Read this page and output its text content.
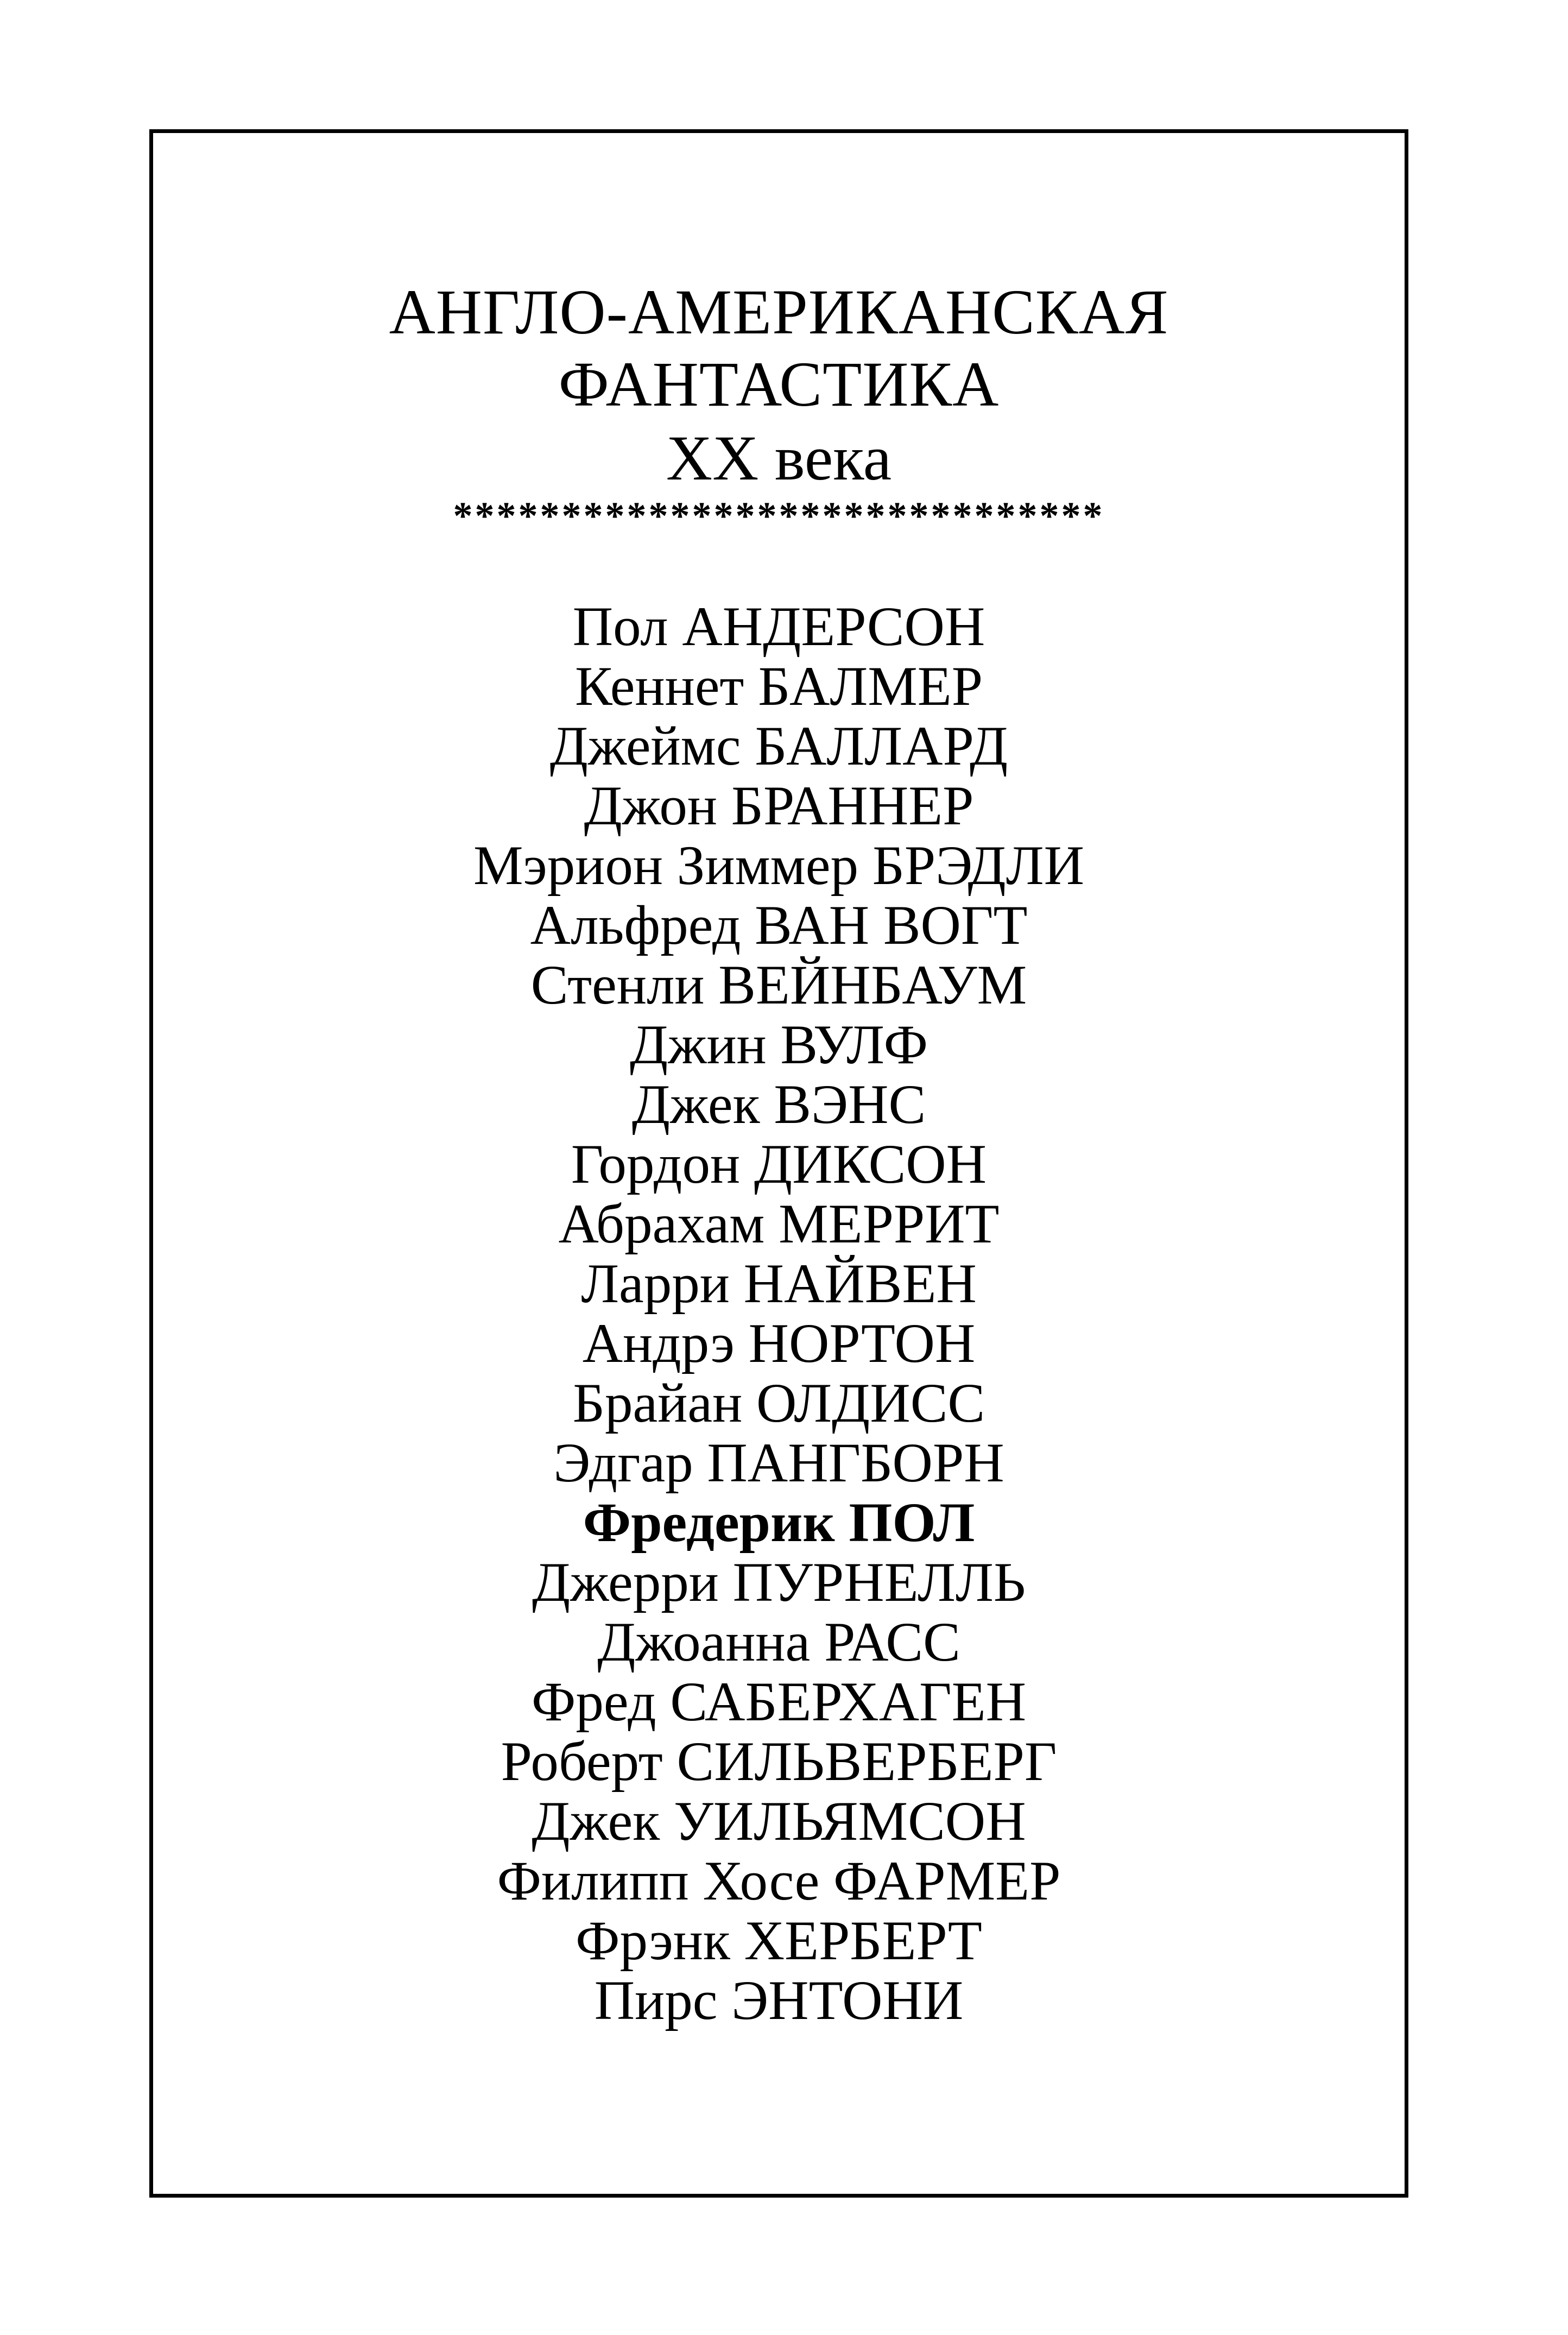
АНГЛО-АМЕРИКАНСКАЯ
ФАНТАСТИКА

XX века

******************************

Пол АНДЕРСОН
Кеннет БАЛМЕР
Джеймс БАЛЛАРД
Джон БРАННЕР
Мэрион Зиммер БРЭДЛИ
Альфред ВАН ВОГТ
Стенли ВЕЙНБАУМ
Джин ВУЛФ
Джек ВЭНС
Гордон ДИКСОН
Абрахам МЕРРИТ
Ларри НАЙВЕН
Андрэ НОРТОН
Брайан ОЛДИСС
Эдгар ПАНГБОРН
Фредерик ПОЛ
Джерри ПУРНЕЛЛЬ
Джоанна РАСС
Фред САБЕРХАГЕН
Роберт СИЛЬВЕРБЕРГ
Джек УИЛЬЯМСОН
Филипп Хосе ФАРМЕР
Фрэнк ХЕРБЕРТ
Пирс ЭНТОНИ
